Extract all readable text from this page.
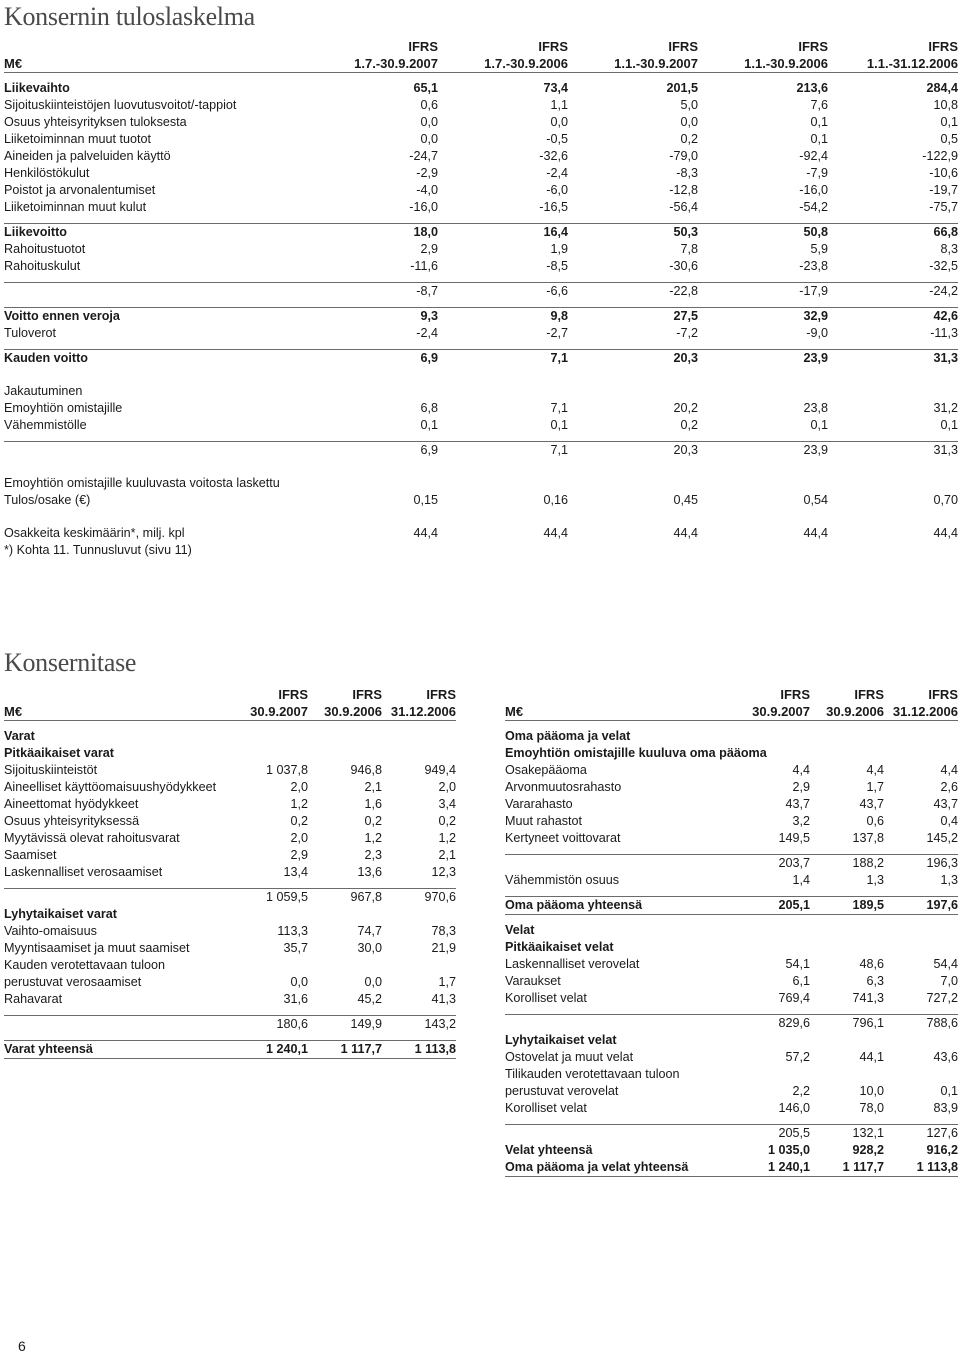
Konsernin tuloslaskelma
	IFRS	IFRS	IFRS	IFRS	IFRS
M€	1.7.-30.9.2007	1.7.-30.9.2006	1.1.-30.9.2007	1.1.-30.9.2006	1.1.-31.12.2006

Liikevaihto	65,1	73,4	201,5	213,6	284,4
Sijoituskiinteistöjen luovutusvoitot/-tappiot	0,6	1,1	5,0	7,6	10,8
Osuus yhteisyrityksen tuloksesta	0,0	0,0	0,0	0,1	0,1
Liiketoiminnan muut tuotot	0,0	-0,5	0,2	0,1	0,5
Aineiden ja palveluiden käyttö	-24,7	-32,6	-79,0	-92,4	-122,9
Henkilöstökulut	-2,9	-2,4	-8,3	-7,9	-10,6
Poistot ja arvonalentumiset	-4,0	-6,0	-12,8	-16,0	-19,7
Liiketoiminnan muut kulut	-16,0	-16,5	-56,4	-54,2	-75,7

Liikevoitto	18,0	16,4	50,3	50,8	66,8
Rahoitustuotot	2,9	1,9	7,8	5,9	8,3
Rahoituskulut	-11,6	-8,5	-30,6	-23,8	-32,5

	-8,7	-6,6	-22,8	-17,9	-24,2

Voitto ennen veroja	9,3	9,8	27,5	32,9	42,6
Tuloverot	-2,4	-2,7	-7,2	-9,0	-11,3

Kauden voitto	6,9	7,1	20,3	23,9	31,3

Jakautuminen					
Emoyhtiön omistajille	6,8	7,1	20,2	23,8	31,2
Vähemmistölle	0,1	0,1	0,2	0,1	0,1

	6,9	7,1	20,3	23,9	31,3

Emoyhtiön omistajille kuuluvasta voitosta laskettu					
Tulos/osake (€)	0,15	0,16	0,45	0,54	0,70

Osakkeita keskimäärin*, milj. kpl	44,4	44,4	44,4	44,4	44,4
*) Kohta 11. Tunnusluvut (sivu 11)					
Konsernitase
	IFRS	IFRS	IFRS
M€	30.9.2007	30.9.2006	31.12.2006

Varat			
Pitkäaikaiset varat			
Sijoituskiinteistöt	1 037,8	946,8	949,4
Aineelliset käyttöomaisuushyödykkeet	2,0	2,1	2,0
Aineettomat hyödykkeet	1,2	1,6	3,4
Osuus yhteisyrityksessä	0,2	0,2	0,2
Myytävissä olevat rahoitusvarat	2,0	1,2	1,2
Saamiset	2,9	2,3	2,1
Laskennalliset verosaamiset	13,4	13,6	12,3

	1 059,5	967,8	970,6
Lyhytaikaiset varat			
Vaihto-omaisuus	113,3	74,7	78,3
Myyntisaamiset ja muut saamiset	35,7	30,0	21,9
Kauden verotettavaan tuloon			
perustuvat verosaamiset	0,0	0,0	1,7
Rahavarat	31,6	45,2	41,3

	180,6	149,9	143,2

Varat yhteensä	1 240,1	1 117,7	1 113,8
	IFRS	IFRS	IFRS
M€	30.9.2007	30.9.2006	31.12.2006

Oma pääoma ja velat			
Emoyhtiön omistajille kuuluva oma pääoma			
Osakepääoma	4,4	4,4	4,4
Arvonmuutosrahasto	2,9	1,7	2,6
Vararahasto	43,7	43,7	43,7
Muut rahastot	3,2	0,6	0,4
Kertyneet voittovarat	149,5	137,8	145,2

	203,7	188,2	196,3
Vähemmistön osuus	1,4	1,3	1,3

Oma pääoma yhteensä	205,1	189,5	197,6

Velat			
Pitkäaikaiset velat			
Laskennalliset verovelat	54,1	48,6	54,4
Varaukset	6,1	6,3	7,0
Korolliset velat	769,4	741,3	727,2

	829,6	796,1	788,6
Lyhytaikaiset velat			
Ostovelat ja muut velat	57,2	44,1	43,6
Tilikauden verotettavaan tuloon			
perustuvat verovelat	2,2	10,0	0,1
Korolliset velat	146,0	78,0	83,9

	205,5	132,1	127,6
Velat yhteensä	1 035,0	928,2	916,2
Oma pääoma ja velat yhteensä	1 240,1	1 117,7	1 113,8
6
